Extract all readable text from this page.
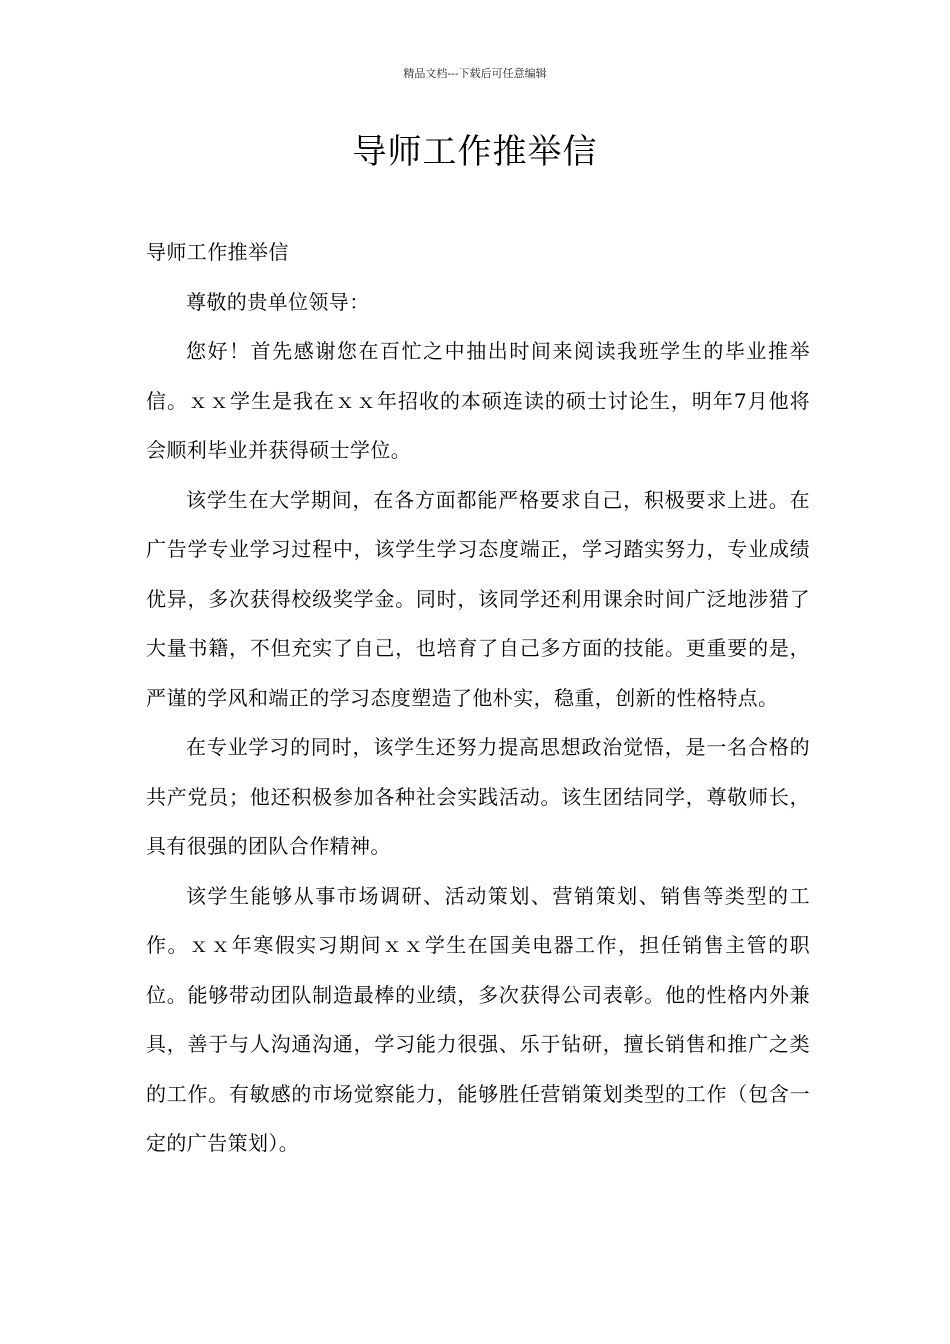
精品文档---下载后可任意编辑
导师工作推举信

导师工作推举信

尊敬的贵单位领导：

您好！首先感谢您在百忙之中抽出时间来阅读我班学生的毕业推举信。ｘｘ学生是我在ｘｘ年招收的本硕连读的硕士讨论生，明年7月他将会顺利毕业并获得硕士学位。

该学生在大学期间，在各方面都能严格要求自己，积极要求上进。在广告学专业学习过程中，该学生学习态度端正，学习踏实努力，专业成绩优异，多次获得校级奖学金。同时，该同学还利用课余时间广泛地涉猎了大量书籍，不但充实了自己，也培育了自己多方面的技能。更重要的是，严谨的学风和端正的学习态度塑造了他朴实，稳重，创新的性格特点。

在专业学习的同时，该学生还努力提高思想政治觉悟，是一名合格的共产党员；他还积极参加各种社会实践活动。该生团结同学，尊敬师长，具有很强的团队合作精神。

该学生能够从事市场调研、活动策划、营销策划、销售等类型的工作。ｘｘ年寒假实习期间ｘｘ学生在国美电器工作，担任销售主管的职位。能够带动团队制造最棒的业绩，多次获得公司表彰。他的性格内外兼具，善于与人沟通沟通，学习能力很强、乐于钻研，擅长销售和推广之类的工作。有敏感的市场觉察能力，能够胜任营销策划类型的工作（包含一定的广告策划）。
